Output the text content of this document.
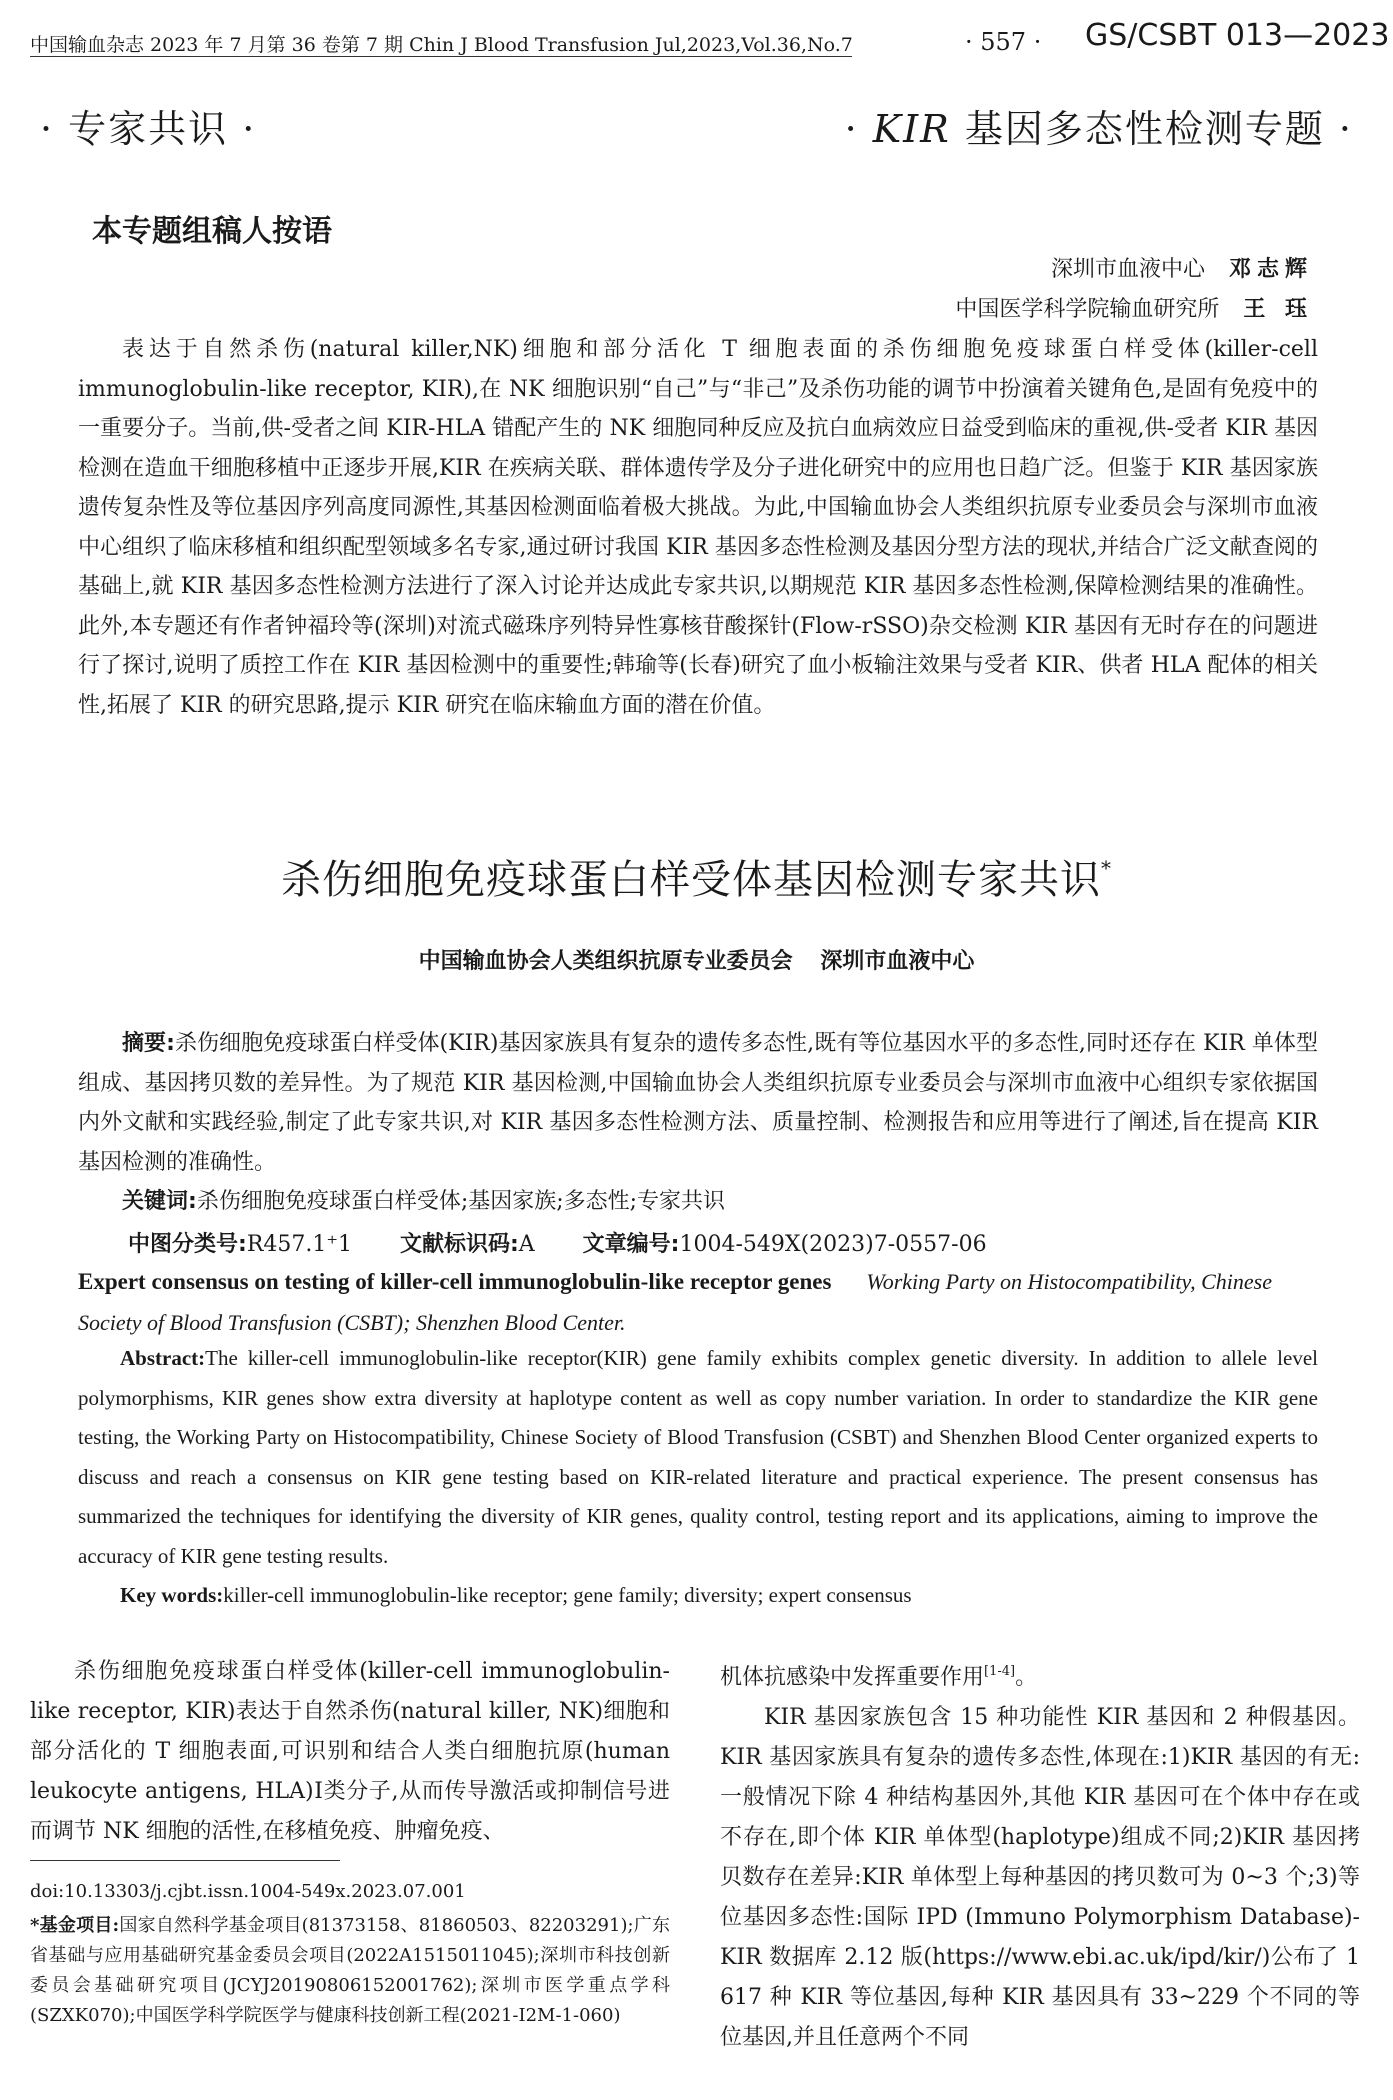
中国输血杂志 2023 年 7 月第 36 卷第 7 期 Chin J Blood Transfusion Jul,2023,Vol.36,No.7	· 557 · GS/CSBT 013—2023
· 专家共识 ·	· KIR 基因多态性检测专题 ·
本专题组稿人按语
深圳市血液中心 邓志辉
中国医学科学院输血研究所 王 珏
表达于自然杀伤(natural killer,NK)细胞和部分活化 T 细胞表面的杀伤细胞免疫球蛋白样受体(killer-cell immunoglobulin-like receptor, KIR),在 NK 细胞识别“自己”与“非己”及杀伤功能的调节中扮演着关键角色,是固有免疫中的一重要分子。当前,供-受者之间 KIR-HLA 错配产生的 NK 细胞同种反应及抗白血病效应日益受到临床的重视,供-受者 KIR 基因检测在造血干细胞移植中正逐步开展,KIR 在疾病关联、群体遗传学及分子进化研究中的应用也日趋广泛。但鉴于 KIR 基因家族遗传复杂性及等位基因序列高度同源性,其基因检测面临着极大挑战。为此,中国输血协会人类组织抗原专业委员会与深圳市血液中心组织了临床移植和组织配型领域多名专家,通过研讨我国 KIR 基因多态性检测及基因分型方法的现状,并结合广泛文献查阅的基础上,就 KIR 基因多态性检测方法进行了深入讨论并达成此专家共识,以期规范 KIR 基因多态性检测,保障检测结果的准确性。此外,本专题还有作者钟福玲等(深圳)对流式磁珠序列特异性寡核苷酸探针(Flow-rSSO)杂交检测 KIR 基因有无时存在的问题进行了探讨,说明了质控工作在 KIR 基因检测中的重要性;韩瑜等(长春)研究了血小板输注效果与受者 KIR、供者 HLA 配体的相关性,拓展了 KIR 的研究思路,提示 KIR 研究在临床输血方面的潜在价值。
杀伤细胞免疫球蛋白样受体基因检测专家共识*
中国输血协会人类组织抗原专业委员会 深圳市血液中心
摘要:杀伤细胞免疫球蛋白样受体(KIR)基因家族具有复杂的遗传多态性,既有等位基因水平的多态性,同时还存在 KIR 单体型组成、基因拷贝数的差异性。为了规范 KIR 基因检测,中国输血协会人类组织抗原专业委员会与深圳市血液中心组织专家依据国内外文献和实践经验,制定了此专家共识,对 KIR 基因多态性检测方法、质量控制、检测报告和应用等进行了阐述,旨在提高 KIR 基因检测的准确性。
关键词:杀伤细胞免疫球蛋白样受体;基因家族;多态性;专家共识
中图分类号:R457.1⁺1 文献标识码:A 文章编号:1004-549X(2023)7-0557-06
Expert consensus on testing of killer-cell immunoglobulin-like receptor genes Working Party on Histocompatibility, Chinese Society of Blood Transfusion (CSBT); Shenzhen Blood Center.

Abstract:The killer-cell immunoglobulin-like receptor(KIR) gene family exhibits complex genetic diversity. In addition to allele level polymorphisms, KIR genes show extra diversity at haplotype content as well as copy number variation. In order to standardize the KIR gene testing, the Working Party on Histocompatibility, Chinese Society of Blood Transfusion (CSBT) and Shenzhen Blood Center organized experts to discuss and reach a consensus on KIR gene testing based on KIR-related literature and practical experience. The present consensus has summarized the techniques for identifying the diversity of KIR genes, quality control, testing report and its applications, aiming to improve the accuracy of KIR gene testing results.

Key words:killer-cell immunoglobulin-like receptor; gene family; diversity; expert consensus

杀伤细胞免疫球蛋白样受体(killer-cell immunoglobulin-like receptor, KIR)表达于自然杀伤(natural killer, NK)细胞和部分活化的 T 细胞表面,可识别和结合人类白细胞抗原(human leukocyte antigens, HLA)Ⅰ类分子,从而传导激活或抑制信号进而调节 NK 细胞的活性,在移植免疫、肿瘤免疫、

机体抗感染中发挥重要作用[1-4]。

KIR 基因家族包含 15 种功能性 KIR 基因和 2 种假基因。KIR 基因家族具有复杂的遗传多态性,体现在:1)KIR 基因的有无:一般情况下除 4 种结构基因外,其他 KIR 基因可在个体中存在或不存在,即个体 KIR 单体型(haplotype)组成不同;2)KIR 基因拷贝数存在差异:KIR 单体型上每种基因的拷贝数可为 0~3 个;3)等位基因多态性:国际 IPD (Immuno Polymorphism Database)-KIR 数据库 2.12 版(https://www.ebi.ac.uk/ipd/kir/)公布了 1 617 种 KIR 等位基因,每种 KIR 基因具有 33~229 个不同的等位基因,并且任意两个不同

doi:10.13303/j.cjbt.issn.1004-549x.2023.07.001

*基金项目:国家自然科学基金项目(81373158、81860503、82203291);广东省基础与应用基础研究基金委员会项目(2022A1515011045);深圳市科技创新委员会基础研究项目(JCYJ20190806152001762);深圳市医学重点学科(SZXK070);中国医学科学院医学与健康科技创新工程(2021-I2M-1-060)
